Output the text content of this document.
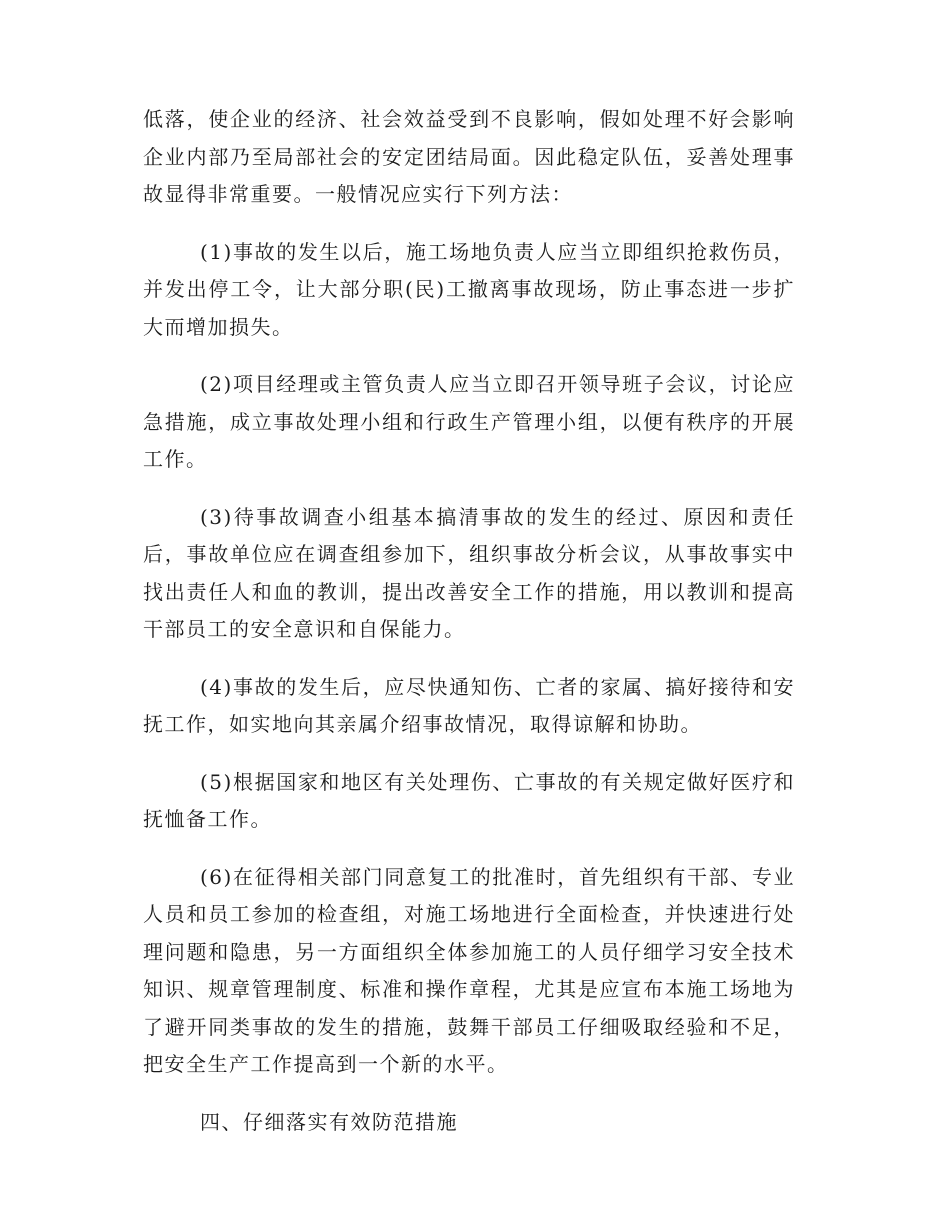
低落，使企业的经济、社会效益受到不良影响，假如处理不好会影响企业内部乃至局部社会的安定团结局面。因此稳定队伍，妥善处理事故显得非常重要。一般情况应实行下列方法：

(1)事故的发生以后，施工场地负责人应当立即组织抢救伤员，并发出停工令，让大部分职(民)工撤离事故现场，防止事态进一步扩大而增加损失。

(2)项目经理或主管负责人应当立即召开领导班子会议，讨论应急措施，成立事故处理小组和行政生产管理小组，以便有秩序的开展工作。

(3)待事故调查小组基本搞清事故的发生的经过、原因和责任后，事故单位应在调查组参加下，组织事故分析会议，从事故事实中找出责任人和血的教训，提出改善安全工作的措施，用以教训和提高干部员工的安全意识和自保能力。

(4)事故的发生后，应尽快通知伤、亡者的家属、搞好接待和安抚工作，如实地向其亲属介绍事故情况，取得谅解和协助。

(5)根据国家和地区有关处理伤、亡事故的有关规定做好医疗和抚恤备工作。

(6)在征得相关部门同意复工的批准时，首先组织有干部、专业人员和员工参加的检查组，对施工场地进行全面检查，并快速进行处理问题和隐患，另一方面组织全体参加施工的人员仔细学习安全技术知识、规章管理制度、标准和操作章程，尤其是应宣布本施工场地为了避开同类事故的发生的措施，鼓舞干部员工仔细吸取经验和不足，把安全生产工作提高到一个新的水平。

四、仔细落实有效防范措施
